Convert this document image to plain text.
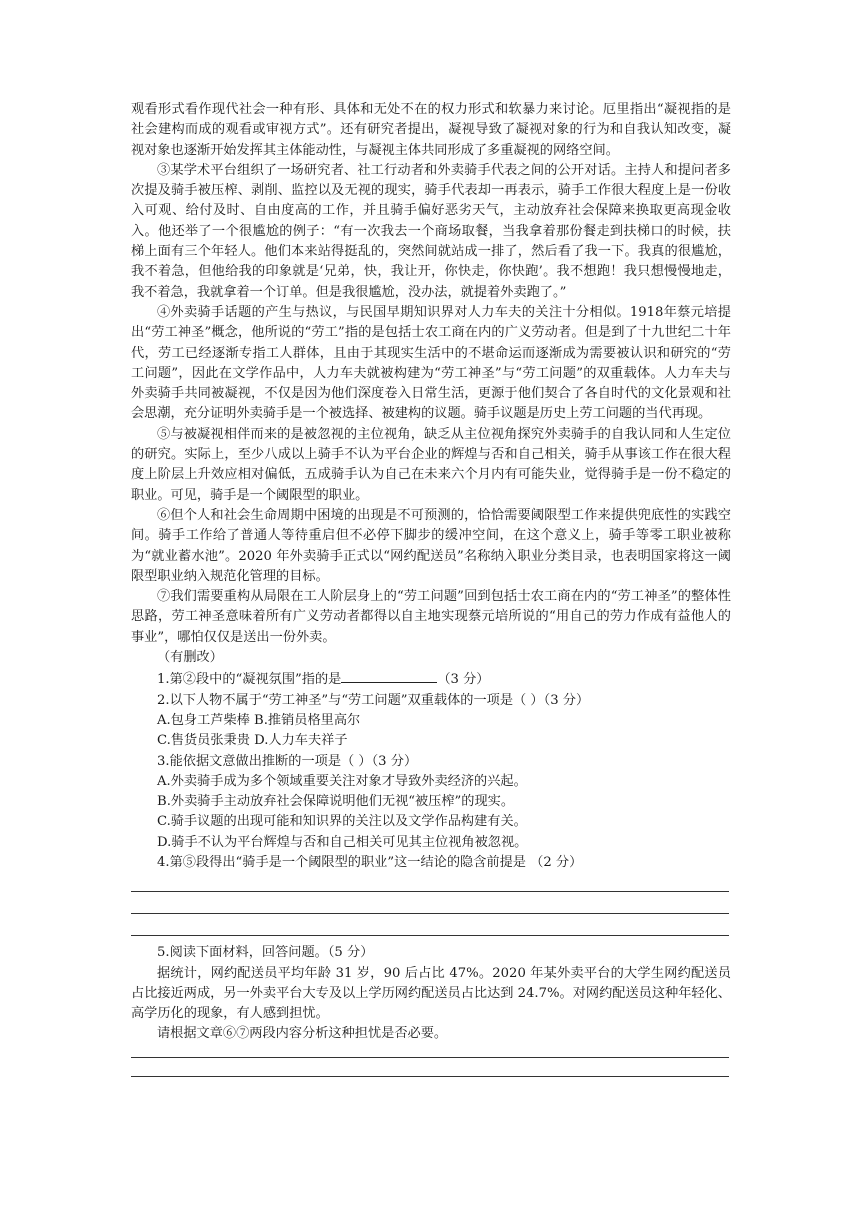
观看形式看作现代社会一种有形、具体和无处不在的权力形式和软暴力来讨论。厄里指出“凝视指的是社会建构而成的观看或审视方式”。还有研究者提出，凝视导致了凝视对象的行为和自我认知改变，凝视对象也逐渐开始发挥其主体能动性，与凝视主体共同形成了多重凝视的网络空间。

③某学术平台组织了一场研究者、社工行动者和外卖骑手代表之间的公开对话。主持人和提问者多次提及骑手被压榨、剥削、监控以及无视的现实，骑手代表却一再表示，骑手工作很大程度上是一份收入可观、给付及时、自由度高的工作，并且骑手偏好恶劣天气，主动放弃社会保障来换取更高现金收入。他还举了一个很尴尬的例子：“有一次我去一个商场取餐，当我拿着那份餐走到扶梯口的时候，扶梯上面有三个年轻人。他们本来站得挺乱的，突然间就站成一排了，然后看了我一下。我真的很尴尬，我不着急，但他给我的印象就是‘兄弟，快，我让开，你快走，你快跑’。我不想跑！我只想慢慢地走，我不着急，我就拿着一个订单。但是我很尴尬，没办法，就提着外卖跑了。”

④外卖骑手话题的产生与热议，与民国早期知识界对人力车夫的关注十分相似。1918年蔡元培提出“劳工神圣”概念，他所说的“劳工”指的是包括士农工商在内的广义劳动者。但是到了十九世纪二十年代，劳工已经逐渐专指工人群体，且由于其现实生活中的不堪命运而逐渐成为需要被认识和研究的“劳工问题”，因此在文学作品中，人力车夫就被构建为“劳工神圣”与“劳工问题”的双重载体。人力车夫与外卖骑手共同被凝视，不仅是因为他们深度卷入日常生活，更源于他们契合了各自时代的文化景观和社会思潮，充分证明外卖骑手是一个被选择、被建构的议题。骑手议题是历史上劳工问题的当代再现。

⑤与被凝视相伴而来的是被忽视的主位视角，缺乏从主位视角探究外卖骑手的自我认同和人生定位的研究。实际上，至少八成以上骑手不认为平台企业的辉煌与否和自己相关，骑手从事该工作在很大程度上阶层上升效应相对偏低，五成骑手认为自己在未来六个月内有可能失业，觉得骑手是一份不稳定的职业。可见，骑手是一个阈限型的职业。

⑥但个人和社会生命周期中困境的出现是不可预测的，恰恰需要阈限型工作来提供兜底性的实践空间。骑手工作给了普通人等待重启但不必停下脚步的缓冲空间，在这个意义上，骑手等零工职业被称为“就业蓄水池”。2020 年外卖骑手正式以“网约配送员”名称纳入职业分类目录，也表明国家将这一阈限型职业纳入规范化管理的目标。

⑦我们需要重构从局限在工人阶层身上的“劳工问题”回到包括士农工商在内的“劳工神圣”的整体性思路，劳工神圣意味着所有广义劳动者都得以自主地实现蔡元培所说的“用自己的劳力作成有益他人的事业”，哪怕仅仅是送出一份外卖。

（有删改）

1.第②段中的“凝视氛围”指的是	（3 分）

2.以下人物不属于“劳工神圣”与“劳工问题”双重载体的一项是（ ）（3 分）

A.包身工芦柴棒 B.推销员格里高尔

C.售货员张秉贵 D.人力车夫祥子

3.能依据文意做出推断的一项是（ ）（3 分）

A.外卖骑手成为多个领域重要关注对象才导致外卖经济的兴起。

B.外卖骑手主动放弃社会保障说明他们无视“被压榨”的现实。

C.骑手议题的出现可能和知识界的关注以及文学作品构建有关。

D.骑手不认为平台辉煌与否和自己相关可见其主位视角被忽视。

4.第⑤段得出“骑手是一个阈限型的职业”这一结论的隐含前提是 （2 分）

5.阅读下面材料，回答问题。（5 分）

据统计，网约配送员平均年龄 31 岁，90 后占比 47%。2020 年某外卖平台的大学生网约配送员占比接近两成，另一外卖平台大专及以上学历网约配送员占比达到 24.7%。对网约配送员这种年轻化、高学历化的现象，有人感到担忧。

请根据文章⑥⑦两段内容分析这种担忧是否必要。
